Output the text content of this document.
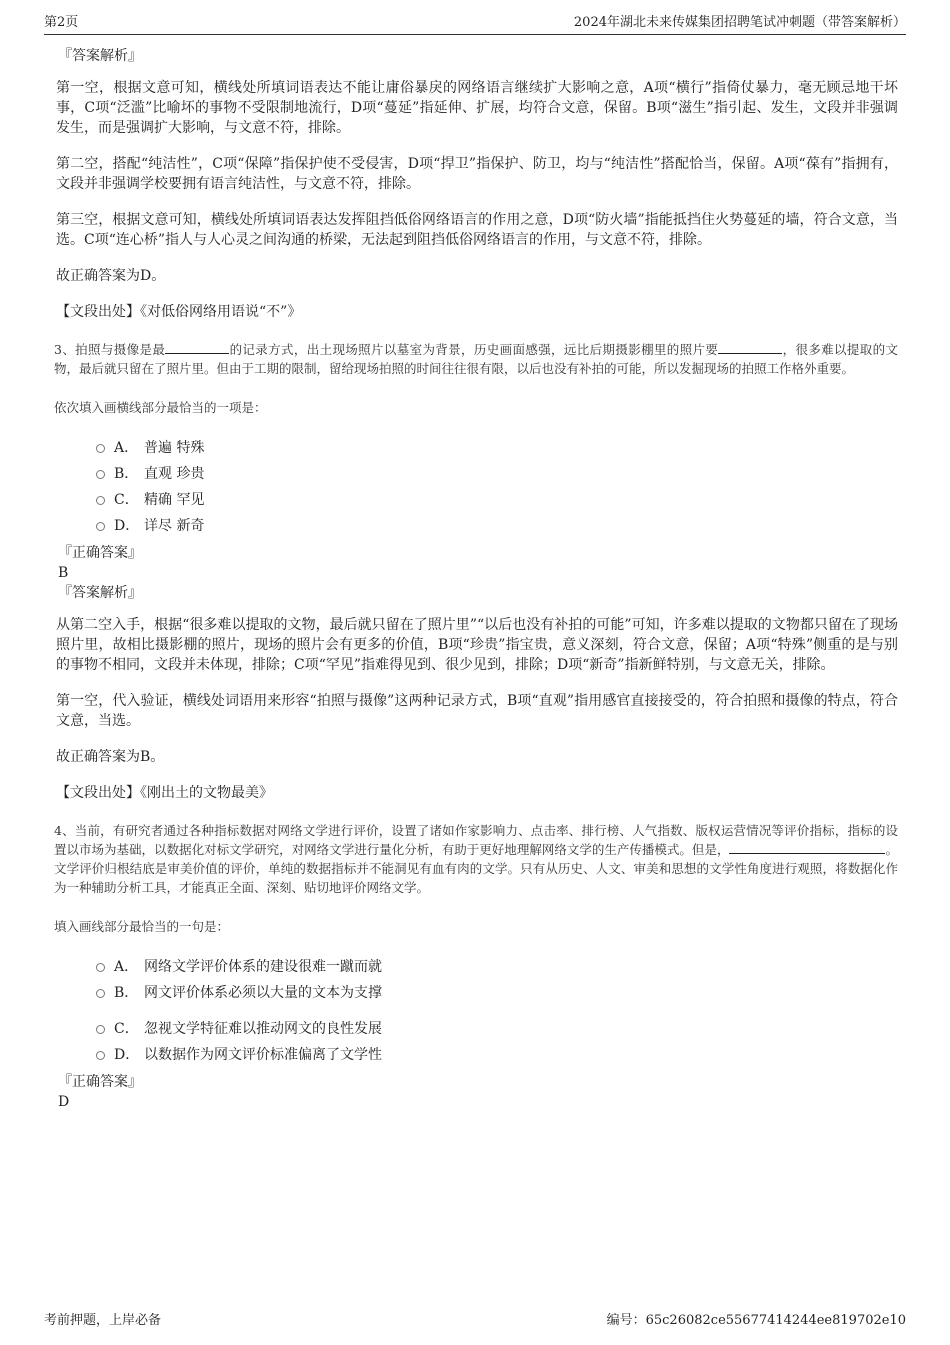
第2页	2024年湖北未来传媒集团招聘笔试冲刺题（带答案解析）
『答案解析』

第一空，根据文意可知，横线处所填词语表达不能让庸俗暴戾的网络语言继续扩大影响之意，A项“横行”指倚仗暴力，毫无顾忌地干坏事，C项“泛滥”比喻坏的事物不受限制地流行，D项“蔓延”指延伸、扩展，均符合文意，保留。B项“滋生”指引起、发生，文段并非强调发生，而是强调扩大影响，与文意不符，排除。

第二空，搭配“纯洁性”，C项“保障”指保护使不受侵害，D项“捍卫”指保护、防卫，均与“纯洁性”搭配恰当，保留。A项“葆有”指拥有，文段并非强调学校要拥有语言纯洁性，与文意不符，排除。

第三空，根据文意可知，横线处所填词语表达发挥阻挡低俗网络语言的作用之意，D项“防火墙”指能抵挡住火势蔓延的墙，符合文意，当选。C项“连心桥”指人与人心灵之间沟通的桥梁，无法起到阻挡低俗网络语言的作用，与文意不符，排除。

故正确答案为D。

【文段出处】《对低俗网络用语说“不”》

3、拍照与摄像是最	的记录方式，出土现场照片以墓室为背景，历史画面感强，远比后期摄影棚里的照片要	，很多难以提取的文物，最后就只留在了照片里。但由于工期的限制，留给现场拍照的时间往往很有限，以后也没有补拍的可能，所以发掘现场的拍照工作格外重要。

依次填入画横线部分最恰当的一项是：
A． 普遍 特殊
B． 直观 珍贵
C． 精确 罕见
D． 详尽 新奇
『正确答案』
B
『答案解析』

从第二空入手，根据“很多难以提取的文物，最后就只留在了照片里”“以后也没有补拍的可能”可知，许多难以提取的文物都只留在了现场照片里，故相比摄影棚的照片，现场的照片会有更多的价值，B项“珍贵”指宝贵，意义深刻，符合文意，保留；A项“特殊”侧重的是与别的事物不相同，文段并未体现，排除；C项“罕见”指难得见到、很少见到，排除；D项“新奇”指新鲜特别，与文意无关，排除。

第一空，代入验证，横线处词语用来形容“拍照与摄像”这两种记录方式，B项“直观”指用感官直接接受的，符合拍照和摄像的特点，符合文意，当选。

故正确答案为B。

【文段出处】《刚出土的文物最美》

4、当前，有研究者通过各种指标数据对网络文学进行评价，设置了诸如作家影响力、点击率、排行榜、人气指数、版权运营情况等评价指标，指标的设置以市场为基础，以数据化对标文学研究，对网络文学进行量化分析，有助于更好地理解网络文学的生产传播模式。但是，	。文学评价归根结底是审美价值的评价，单纯的数据指标并不能洞见有血有肉的文学。只有从历史、人文、审美和思想的文学性角度进行观照，将数据化作为一种辅助分析工具，才能真正全面、深刻、贴切地评价网络文学。

填入画线部分最恰当的一句是：
A． 网络文学评价体系的建设很难一蹴而就
B． 网文评价体系必须以大量的文本为支撑
C． 忽视文学特征难以推动网文的良性发展
D． 以数据作为网文评价标准偏离了文学性
『正确答案』
D
考前押题，上岸必备	编号：65c26082ce55677414244ee819702e10
